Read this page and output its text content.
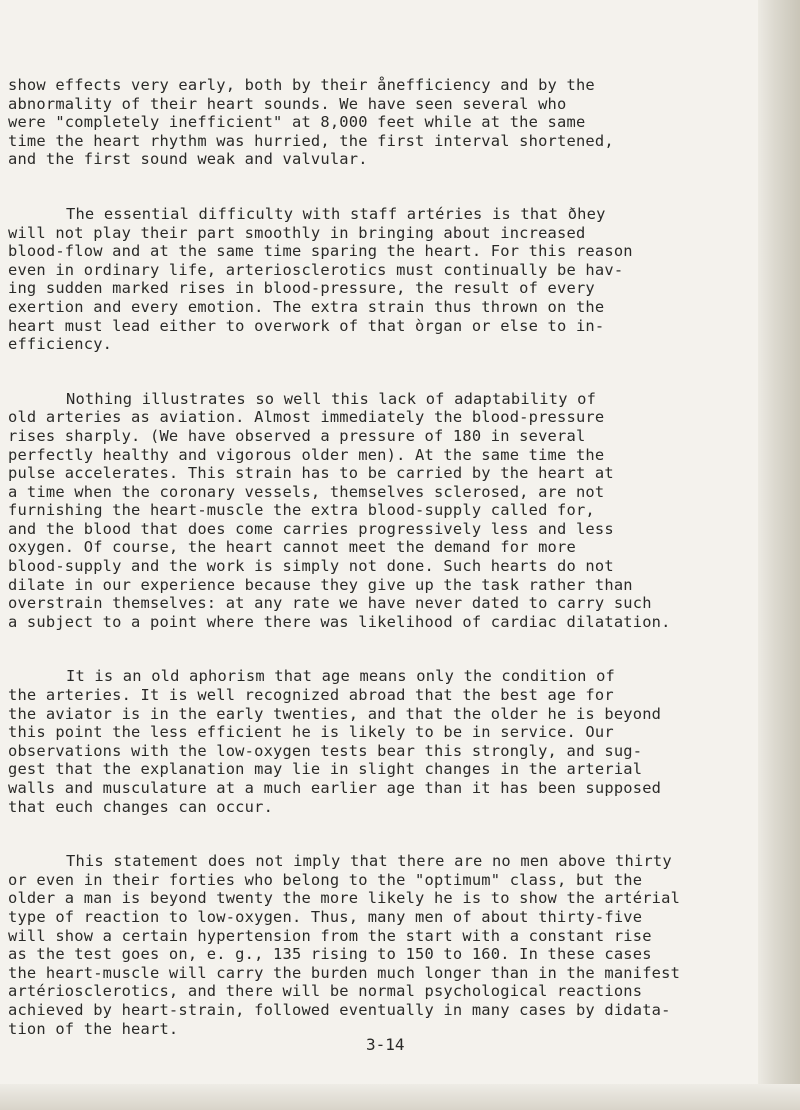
show effects very early, both by their ånefficiency and by the
abnormality of their heart sounds. We have seen several who
were "completely inefficient" at 8,000 feet while at the same
time the heart rhythm was hurried, the first interval shortened,
and the first sound weak and valvular.
The essential difficulty with staff artéries is that ðhey
will not play their part smoothly in bringing about increased
blood-flow and at the same time sparing the heart. For this reason
even in ordinary life, arteriosclerotics must continually be hav-
ing sudden marked rises in blood-pressure, the result of every
exertion and every emotion. The extra strain thus thrown on the
heart must lead either to overwork of that òrgan or else to in-
efficiency.
Nothing illustrates so well this lack of adaptability of
old arteries as aviation. Almost immediately the blood-pressure
rises sharply. (We have observed a pressure of 180 in several
perfectly healthy and vigorous older men). At the same time the
pulse accelerates. This strain has to be carried by the heart at
a time when the coronary vessels, themselves sclerosed, are not
furnishing the heart-muscle the extra blood-supply called for,
and the blood that does come carries progressively less and less
oxygen. Of course, the heart cannot meet the demand for more
blood-supply and the work is simply not done. Such hearts do not
dilate in our experience because they give up the task rather than
overstrain themselves: at any rate we have never dated to carry such
a subject to a point where there was likelihood of cardiac dilatation.
It is an old aphorism that age means only the condition of
the arteries. It is well recognized abroad that the best age for
the aviator is in the early twenties, and that the older he is beyond
this point the less efficient he is likely to be in service. Our
observations with the low-oxygen tests bear this strongly, and sug-
gest that the explanation may lie in slight changes in the arterial
walls and musculature at a much earlier age than it has been supposed
that euch changes can occur.
This statement does not imply that there are no men above thirty
or even in their forties who belong to the "optimum" class, but the
older a man is beyond twenty the more likely he is to show the artérial
type of reaction to low-oxygen. Thus, many men of about thirty-five
will show a certain hypertension from the start with a constant rise
as the test goes on, e. g., 135 rising to 150 to 160. In these cases
the heart-muscle will carry the burden much longer than in the manifest
artériosclerotics, and there will be normal psychological reactions
achieved by heart-strain, followed eventually in many cases by didata-
tion of the heart.
3-14
